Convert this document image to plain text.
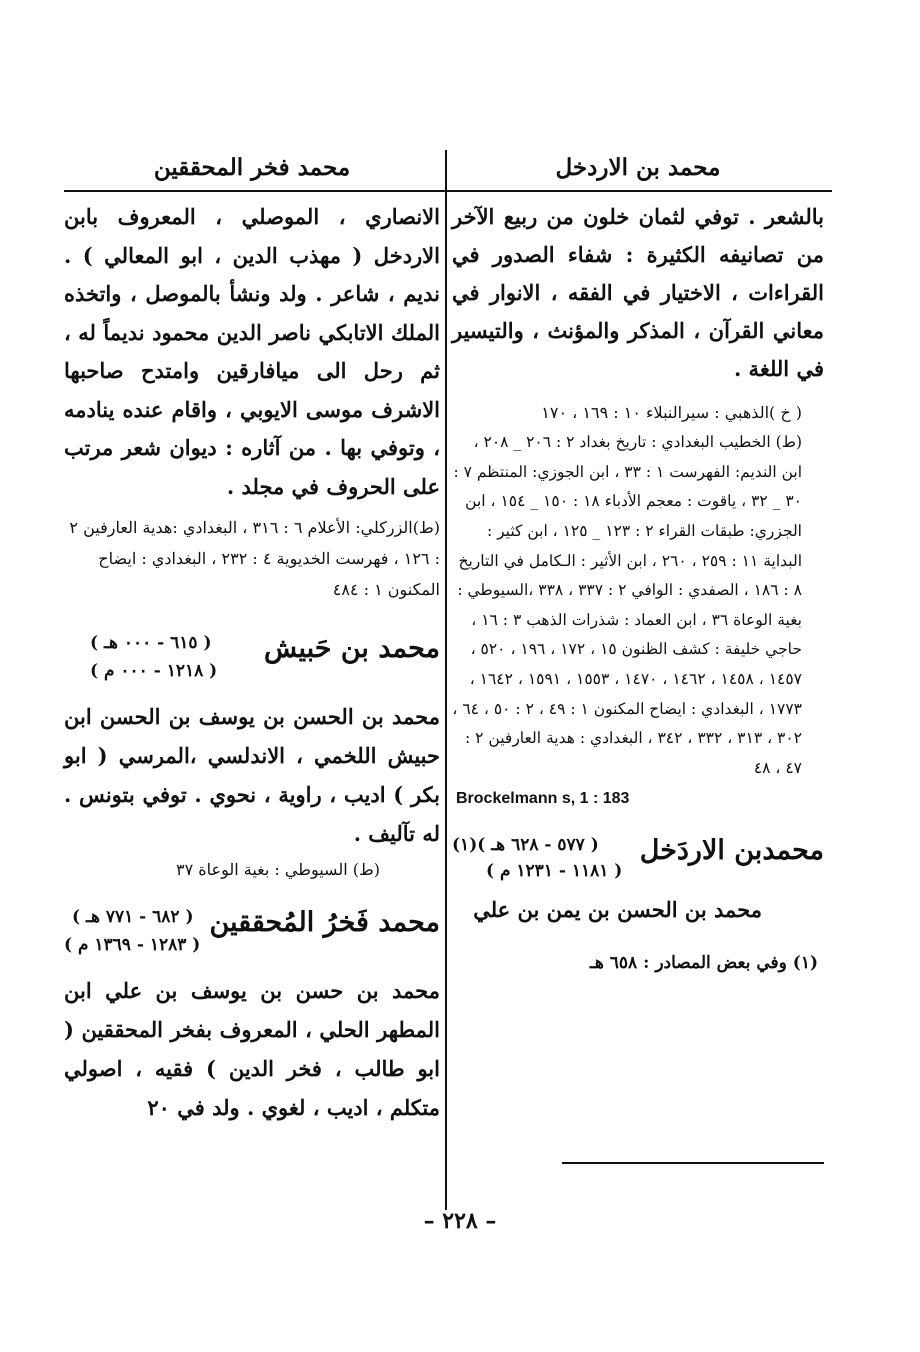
محمد بن الاردخل

بالشعر . توفي لثمان خلون من ربيع الآخر من تصانيفه الكثيرة : شفاء الصدور في القراءات ، الاختيار في الفقه ، الانوار في معاني القرآن ، المذكر والمؤنث ، والتيسير في اللغة .

( خ )الذهبي : سيرالنبلاء ١٠ : ١٦٩ ، ١٧٠

(ط) الخطيب البغدادي : تاريخ بغداد ٢ : ٢٠٦ _ ٢٠٨ ، ابن النديم: الفهرست ١ : ٣٣ ، ابن الجوزي: المنتظم ٧ : ٣٠ _ ٣٢ ، ياقوت : معجم الأدباء ١٨ : ١٥٠ _ ١٥٤ ، ابن الجزري: طبقات القراء ٢ : ١٢٣ _ ١٢٥ ، ابن كثير : البداية ١١ : ٢٥٩ ، ٢٦٠ ، ابن الأثير : الـكامل في التاريخ ٨ : ١٨٦ ، الصفدي : الوافي ٢ : ٣٣٧ ، ٣٣٨ ،السيوطي : بغية الوعاة ٣٦ ، ابن العماد : شذرات الذهب ٣ : ١٦ ، حاجي خليفة : كشف الظنون ١٥ ، ١٧٢ ، ١٩٦ ، ٥٢٠ ، ١٤٥٧ ، ١٤٥٨ ، ١٤٦٢ ، ١٤٧٠ ، ١٥٥٣ ، ١٥٩١ ، ١٦٤٢ ، ١٧٧٣ ، البغدادي : ايضاح المكنون ١ : ٤٩ ، ٢ : ٥٠ ، ٦٤ ، ٣٠٢ ، ٣١٣ ، ٣٣٢ ، ٣٤٢ ، البغدادي : هدية العارفين ٢ : ٤٧ ، ٤٨

Brockelmann s, 1 : 183

محمدبن الاردَخل
( ٥٧٧ - ٦٢٨ هـ )(١)
( ١١٨١ - ١٢٣١ م )

محمد بن الحسن بن يمن بن علي

(١) وفي بعض المصادر : ٦٥٨ هـ

محمد فخر المحققين

الانصاري ، الموصلي ، المعروف بابن الاردخل ( مهذب الدين ، ابو المعالي ) . نديم ، شاعر . ولد ونشأ بالموصل ، واتخذه الملك الاتابكي ناصر الدين محمود نديماً له ، ثم رحل الى ميافارقين وامتدح صاحبها الاشرف موسى الايوبي ، واقام عنده ينادمه ، وتوفي بها . من آثاره : ديوان شعر مرتب على الحروف في مجلد .

(ط)الزركلي: الأعلام ٦ : ٣١٦ ، البغدادي :هدية العارفين ٢ : ١٢٦ ، فهرست الخديوية ٤ : ٢٣٢ ، البغدادي : ايضاح المكنون ١ : ٤٨٤

محمد بن حَبيش
( ٦١٥ - ٠٠٠ هـ )
( ١٢١٨ - ٠٠٠ م )

محمد بن الحسن بن يوسف بن الحسن ابن حبيش اللخمي ، الاندلسي ،المرسي ( ابو بكر ) اديب ، راوية ، نحوي . توفي بتونس . له تآليف .

(ط) السيوطي : بغية الوعاة ٣٧

محمد فَخرُ المُحققين
( ٦٨٢ - ٧٧١ هـ )
( ١٢٨٣ - ١٣٦٩ م )

محمد بن حسن بن يوسف بن علي ابن المطهر الحلي ، المعروف بفخر المحققين ( ابو طالب ، فخر الدين ) فقيه ، اصولي متكلم ، اديب ، لغوي . ولد في ٢٠

– ٢٢٨ –
